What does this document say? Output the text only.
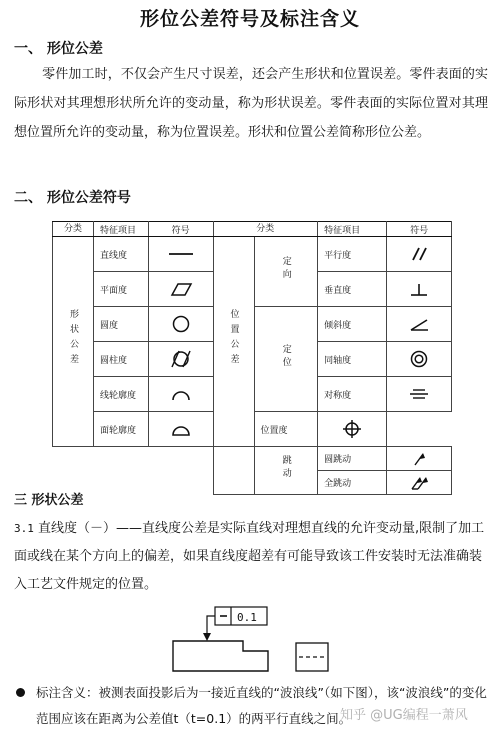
形位公差符号及标注含义
一、 形位公差
零件加工时，不仅会产生尺寸误差，还会产生形状和位置误差。零件表面的实际形状对其理想形状所允许的变动量，称为形状误差。零件表面的实际位置对其理想位置所允许的变动量，称为位置误差。形状和位置公差简称形位公差。
二、 形位公差符号
分类	特征项目	符号	分类		特征项目	符号
形状公差	直线度		位置公差	定向	平行度	

	平面度				垂直度	

	圆度			定位	倾斜度	

	圆柱度				同轴度	

	线轮廓度				对称度	

	面轮廓度			位置度	

				跳动	圆跳动	

					全跳动	
三 形状公差
3.1 直线度（－）——直线度公差是实际直线对理想直线的允许变动量,限制了加工面或线在某个方向上的偏差，如果直线度超差有可能导致该工件安装时无法准确装入工艺文件规定的位置。
0.1
标注含义：被测表面投影后为一接近直线的“波浪线”（如下图），该“波浪线”的变化范围应该在距离为公差值t（t=0.1）的两平行直线之间。
知乎 @UG编程一萧风
